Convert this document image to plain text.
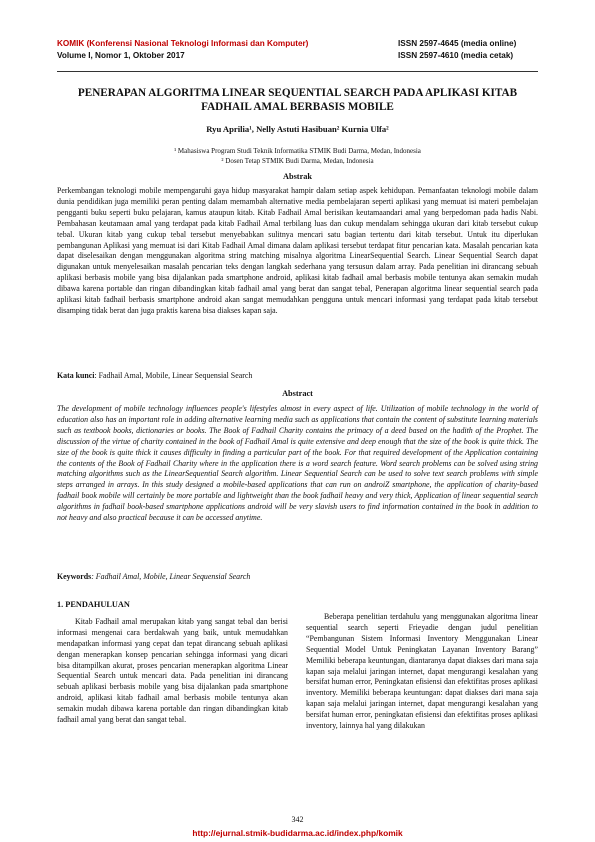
KOMIK (Konferensi Nasional Teknologi Informasi dan Komputer)	ISSN 2597-4645 (media online)
Volume I, Nomor 1, Oktober 2017	ISSN 2597-4610 (media cetak)
PENERAPAN ALGORITMA LINEAR SEQUENTIAL SEARCH PADA APLIKASI KITAB FADHAIL AMAL BERBASIS MOBILE
Ryu Aprilia¹, Nelly Astuti Hasibuan² Kurnia Ulfa²
¹ Mahasiswa Program Studi Teknik Informatika STMIK Budi Darma, Medan, Indonesia
² Dosen Tetap STMIK Budi Darma, Medan, Indonesia
Abstrak
Perkembangan teknologi mobile mempengaruhi gaya hidup masyarakat hampir dalam setiap aspek kehidupan. Pemanfaatan teknologi mobile dalam dunia pendidikan juga memiliki peran penting dalam memambah alternative media pembelajaran seperti aplikasi yang memuat isi materi pembelajan pengganti buku seperti buku pelajaran, kamus ataupun kitab. Kitab Fadhail Amal berisikan keutamaandari amal yang berpedoman pada hadis Nabi. Pembahasan keutamaan amal yang terdapat pada kitab Fadhail Amal terbilang luas dan cukup mendalam sehingga ukuran dari kitab tersebut cukup tebal. Ukuran kitab yang cukup tebal tersebut menyebabkan sulitnya mencari satu bagian tertentu dari kitab tersebut. Untuk itu diperlukan pembangunan Aplikasi yang memuat isi dari Kitab Fadhail Amal dimana dalam aplikasi tersebut terdapat fitur pencarian kata. Masalah pencarian kata dapat diselesaikan dengan menggunakan algoritma string matching misalnya algoritma LinearSequential Search. Linear Sequential Search dapat digunakan untuk menyelesaikan masalah pencarian teks dengan langkah sederhana yang tersusun dalam array. Pada penelitian ini dirancang sebuah aplikasi berbasis mobile yang bisa dijalankan pada smartphone android, aplikasi kitab fadhail amal berbasis mobile tentunya akan semakin mudah dibawa karena portable dan ringan dibandingkan kitab fadhail amal yang berat dan sangat tebal, Penerapan algoritma linear sequential search pada aplikasi kitab fadhail berbasis smartphone android akan sangat memudahkan pengguna untuk mencari informasi yang terdapat pada kitab tersebut disamping tidak berat dan juga praktis karena bisa diakses kapan saja.
Kata kunci: Fadhail Amal, Mobile, Linear Sequensial Search
Abstract
The development of mobile technology influences people's lifestyles almost in every aspect of life. Utilization of mobile technology in the world of education also has an important role in adding alternative learning media such as applications that contain the content of substitute learning materials such as textbook books, dictionaries or books. The Book of Fadhail Charity contains the primacy of a deed based on the hadith of the Prophet. The discussion of the virtue of charity contained in the book of Fadhail Amal is quite extensive and deep enough that the size of the book is quite thick. The size of the book is quite thick it causes difficulty in finding a particular part of the book. For that required development of the Application containing the contents of the Book of Fadhail Charity where in the application there is a word search feature. Word search problems can be solved using string matching algorithms such as the LinearSequential Search algorithm. Linear Sequential Search can be used to solve text search problems with simple steps arranged in arrays. In this study designed a mobile-based applications that can run on androiZ smartphone, the application of charity-based fadhail book mobile will certainly be more portable and lightweight than the book fadhail heavy and very thick, Application of linear sequential search algorithms in fadhail book-based smartphone applications android will be very slavish users to find information contained in the book in addition to not heavy and also practical because it can be accessed anytime.
Keywords: Fadhail Amal, Mobile, Linear Sequensial Search
1. PENDAHULUAN

Kitab Fadhail amal merupakan kitab yang sangat tebal dan berisi informasi mengenai cara berdakwah yang baik, untuk memudahkan mendapatkan informasi yang cepat dan tepat dirancang sebuah aplikasi dengan menerapkan konsep pencarian sehingga informasi yang dicari bisa ditampilkan akurat, proses pencarian menerapkan algoritma Linear Sequential Search untuk mencari data. Pada penelitian ini dirancang sebuah aplikasi berbasis mobile yang bisa dijalankan pada smartphone android, aplikasi kitab fadhail amal berbasis mobile tentunya akan semakin mudah dibawa karena portable dan ringan dibandingkan kitab fadhail amal yang berat dan sangat tebal.

Beberapa penelitian terdahulu yang menggunakan algoritma linear sequential search seperti Frieyadie dengan judul penelitian “Pembangunan Sistem Informasi Inventory Menggunakan Linear Sequential Model Untuk Peningkatan Layanan Inventory Barang” Memiliki beberapa keuntungan, diantaranya dapat diakses dari mana saja kapan saja melalui jaringan internet, dapat mengurangi kesalahan yang bersifat human error, Peningkatan efisiensi dan efektifitas proses aplikasi inventory. Memiliki beberapa keuntungan: dapat diakses dari mana saja kapan saja melalui jaringan internet, dapat mengurangi kesalahan yang bersifat human error, peningkatan efisiensi dan efektifitas proses aplikasi inventory, lainnya hal yang dilakukan

342
http://ejurnal.stmik-budidarma.ac.id/index.php/komik
